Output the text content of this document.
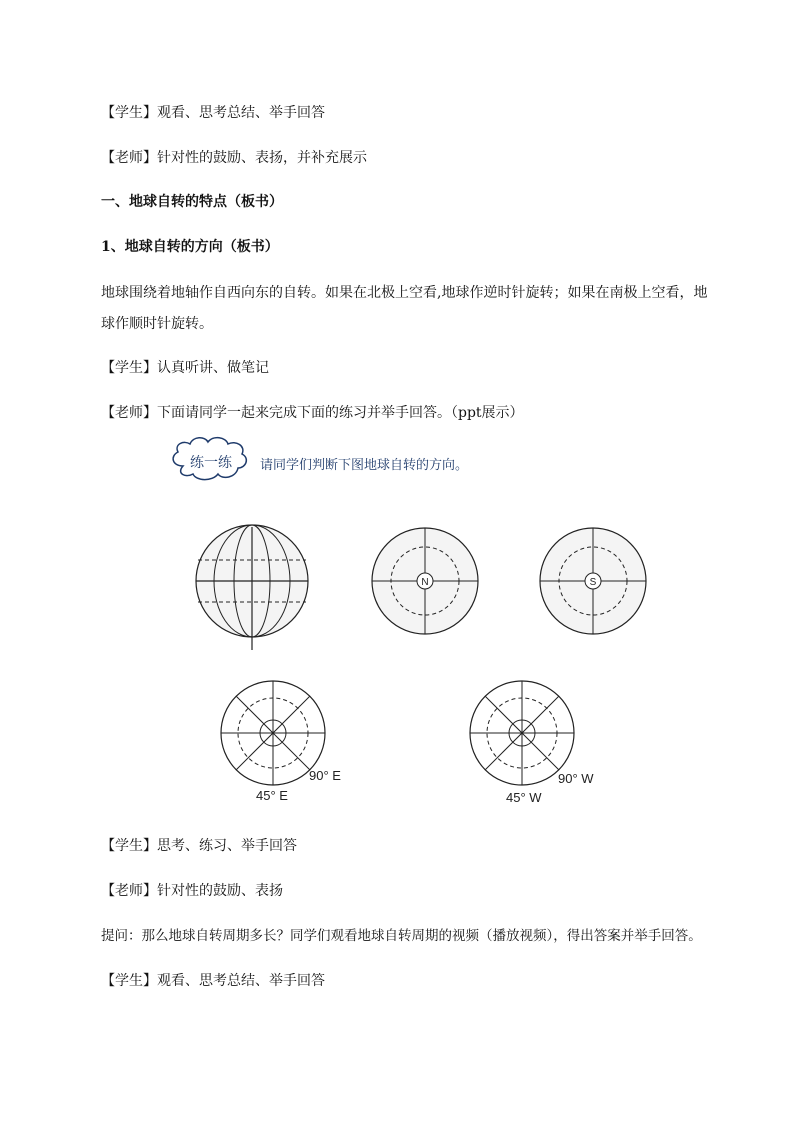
【学生】观看、思考总结、举手回答
【老师】针对性的鼓励、表扬，并补充展示
一、地球自转的特点（板书）
1、地球自转的方向（板书）
地球围绕着地轴作自西向东的自转。如果在北极上空看,地球作逆时针旋转；如果在南极上空看，地球作顺时针旋转。
【学生】认真听讲、做笔记
【老师】下面请同学一起来完成下面的练习并举手回答。（ppt展示）
练一练 请同学们判断下图地球自转的方向。
N	S
90° E
45° E
90° W
45° W
【学生】思考、练习、举手回答
【老师】针对性的鼓励、表扬
提问：那么地球自转周期多长？同学们观看地球自转周期的视频（播放视频），得出答案并举手回答。
【学生】观看、思考总结、举手回答
